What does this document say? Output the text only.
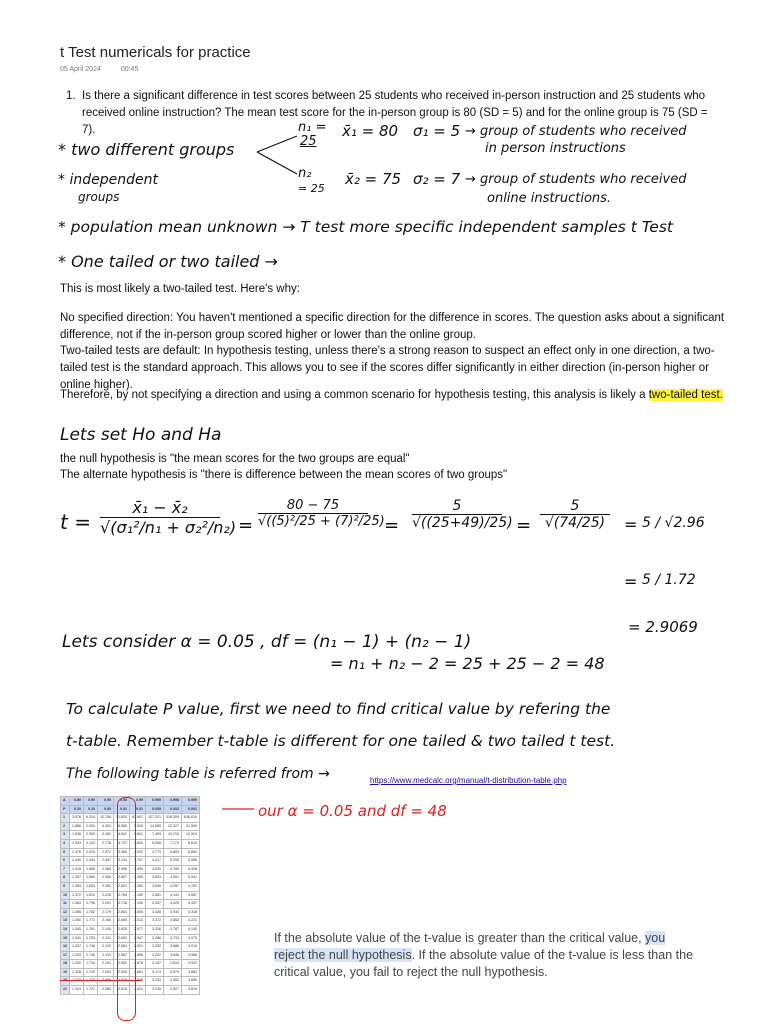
t Test numericals for practice
05 April 2024	00:45
1. Is there a significant difference in test scores between 25 students who received in-person instruction and 25 students who received online instruction? The mean test score for the in-person group is 80 (SD = 5) and for the online group is 75 (SD = 7).
* two different groups
* independent
groups
n₁ =
25
x̄₁ = 80 σ₁ = 5 → group of students who received
in person instructions
n₂
= 25
x̄₂ = 75 σ₂ = 7 → group of students who received
online instructions.
* population mean unknown → T test more specific independent samples t Test
* One tailed or two tailed →
This is most likely a two-tailed test. Here's why:
No specified direction: You haven't mentioned a specific direction for the difference in scores. The question asks about a significant difference, not if the in-person group scored higher or lower than the online group.
Two-tailed tests are default: In hypothesis testing, unless there's a strong reason to suspect an effect only in one direction, a two-tailed test is the standard approach. This allows you to see if the scores differ significantly in either direction (in-person higher or online higher).
Therefore, by not specifying a direction and using a common scenario for hypothesis testing, this analysis is likely a two-tailed test.
Lets set Ho and Ha
the null hypothesis is "the mean scores for the two groups are equal"
The alternate hypothesis is "there is difference between the mean scores of two groups"
$t = \frac{\text{x̄₁ − x̄₂}}{\text{√(σ₁²/n₁ + σ₂²/n₂)}} = \frac{80 - 75}{\text{√((5)²/25 + (7)²/25)}} = \frac{5}{√((25+49)/25)} = \frac{5}{√(74/25)} = 5 / √2.96$
= 5 / 1.72
= 2.9069
Lets consider α = 0.05 , df = (n₁ − 1) + (n₂ − 1)
= n₁ + n₂ − 2 = 25 + 25 − 2 = 48
To calculate P value, first we need to find critical value by refering the
t-table. Remember t-table is different for one tailed & two tailed t test.
The following table is referred from →	https://www.medcalc.org/manual/t-distribution-table.php
A	0.80	0.90	0.95	0.98	0.99	0.995	0.998	0.999
P	0.20	0.10	0.05	0.02	0.01	0.005	0.002	0.001
1	3.078	6.314	12.706	31.820	63.657	127.321	318.309	636.619
2	1.886	2.920	4.303	6.965	9.925	14.089	22.327	31.599
3	1.638	2.353	3.182	4.541	5.841	7.453	10.215	12.924
4	1.533	2.132	2.776	3.747	4.604	5.598	7.173	8.610
5	1.476	2.015	2.571	3.365	4.032	4.773	5.893	6.869
6	1.440	1.943	2.447	3.143	3.707	4.317	5.208	5.959
7	1.415	1.895	2.365	2.998	3.499	4.029	4.785	5.408
8	1.397	1.860	2.306	2.897	3.355	3.833	4.501	5.041
9	1.383	1.833	2.262	2.821	3.250	3.690	4.297	4.781
10	1.372	1.812	2.228	2.764	3.169	3.581	4.144	4.587
11	1.363	1.796	2.201	2.718	3.106	3.497	4.025	4.437
12	1.356	1.782	2.179	2.681	3.055	3.428	3.930	4.318
13	1.350	1.771	2.160	2.650	3.012	3.372	3.852	4.221
14	1.345	1.761	2.145	2.625	2.977	3.326	3.787	4.140
15	1.341	1.753	2.131	2.602	2.947	3.286	3.733	4.073
16	1.337	1.746	2.120	2.584	2.921	3.252	3.686	4.015
17	1.333	1.740	2.110	2.567	2.898	3.222	3.646	3.965
18	1.330	1.734	2.101	2.552	2.878	3.197	3.610	3.922
19	1.328	1.729	2.093	2.539	2.861	3.174	3.579	3.883
20	1.325	1.725	2.086	2.528	2.845	3.153	3.552	3.850
21	1.323	1.721	2.080	2.518	2.831	3.135	3.527	3.819
our α = 0.05 and df = 48
If the absolute value of the t-value is greater than the critical value, you reject the null hypothesis. If the absolute value of the t-value is less than the critical value, you fail to reject the null hypothesis.
